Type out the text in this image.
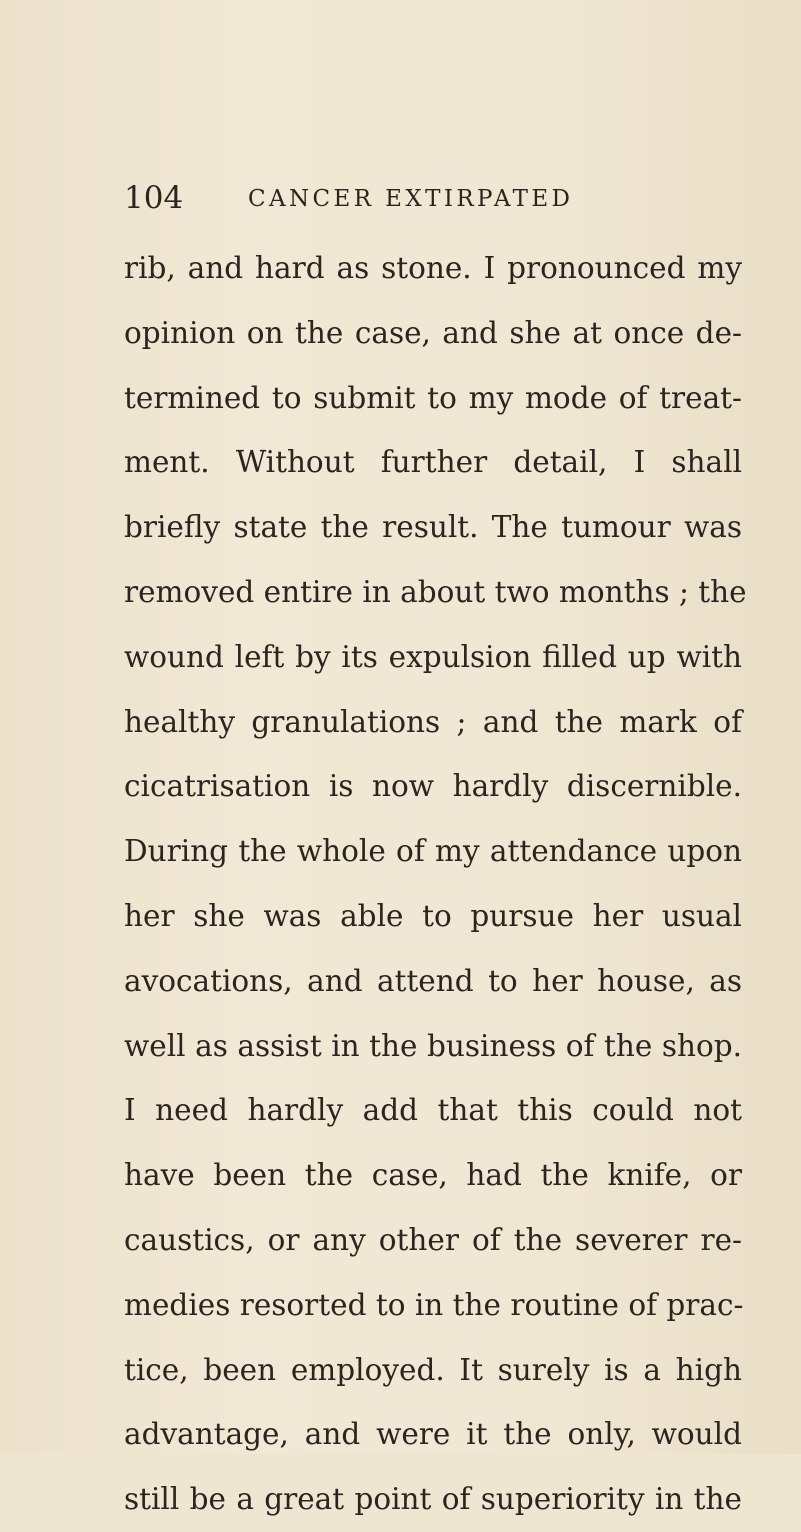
104	CANCER EXTIRPATED
rib, and hard as stone. I pronounced my
opinion on the case, and she at once de-
termined to submit to my mode of treat-
ment. Without further detail, I shall
briefly state the result. The tumour was
removed entire in about two months ; the
wound left by its expulsion filled up with
healthy granulations ; and the mark of
cicatrisation is now hardly discernible.
During the whole of my attendance upon
her she was able to pursue her usual
avocations, and attend to her house, as
well as assist in the business of the shop.
I need hardly add that this could not
have been the case, had the knife, or
caustics, or any other of the severer re-
medies resorted to in the routine of prac-
tice, been employed. It surely is a high
advantage, and were it the only, would
still be a great point of superiority in the
